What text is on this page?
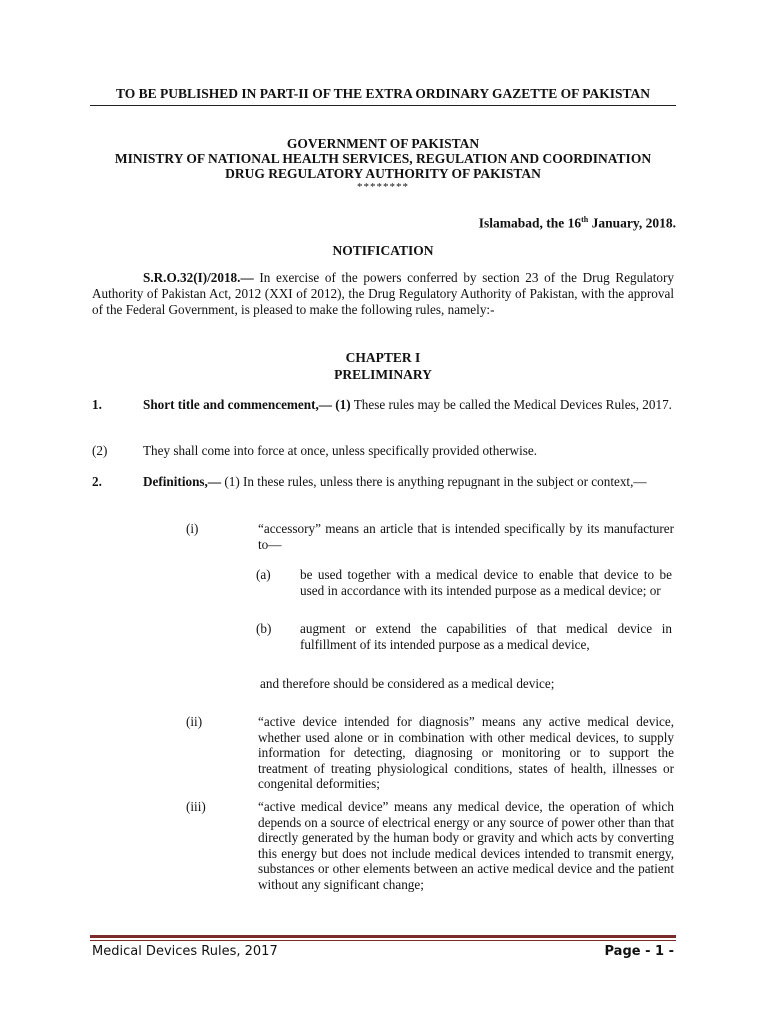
TO BE PUBLISHED IN PART-II OF THE EXTRA ORDINARY GAZETTE OF PAKISTAN
GOVERNMENT OF PAKISTAN
MINISTRY OF NATIONAL HEALTH SERVICES, REGULATION AND COORDINATION
DRUG REGULATORY AUTHORITY OF PAKISTAN
********
Islamabad, the 16th January, 2018.
NOTIFICATION
S.R.O.32(I)/2018.— In exercise of the powers conferred by section 23 of the Drug Regulatory Authority of Pakistan Act, 2012 (XXI of 2012), the Drug Regulatory Authority of Pakistan, with the approval of the Federal Government, is pleased to make the following rules, namely:-
CHAPTER I
PRELIMINARY
1.	Short title and commencement,— (1) These rules may be called the Medical Devices Rules, 2017.
(2)	They shall come into force at once, unless specifically provided otherwise.
2.	Definitions,— (1) In these rules, unless there is anything repugnant in the subject or context,—
(i)	“accessory” means an article that is intended specifically by its manufacturer to—
(a) be used together with a medical device to enable that device to be used in accordance with its intended purpose as a medical device; or
(b) augment or extend the capabilities of that medical device in fulfillment of its intended purpose as a medical device,
and therefore should be considered as a medical device;
(ii)	“active device intended for diagnosis” means any active medical device, whether used alone or in combination with other medical devices, to supply information for detecting, diagnosing or monitoring or to support the treatment of treating physiological conditions, states of health, illnesses or congenital deformities;
(iii)	“active medical device” means any medical device, the operation of which depends on a source of electrical energy or any source of power other than that directly generated by the human body or gravity and which acts by converting this energy but does not include medical devices intended to transmit energy, substances or other elements between an active medical device and the patient without any significant change;
Medical Devices Rules, 2017	Page - 1 -
